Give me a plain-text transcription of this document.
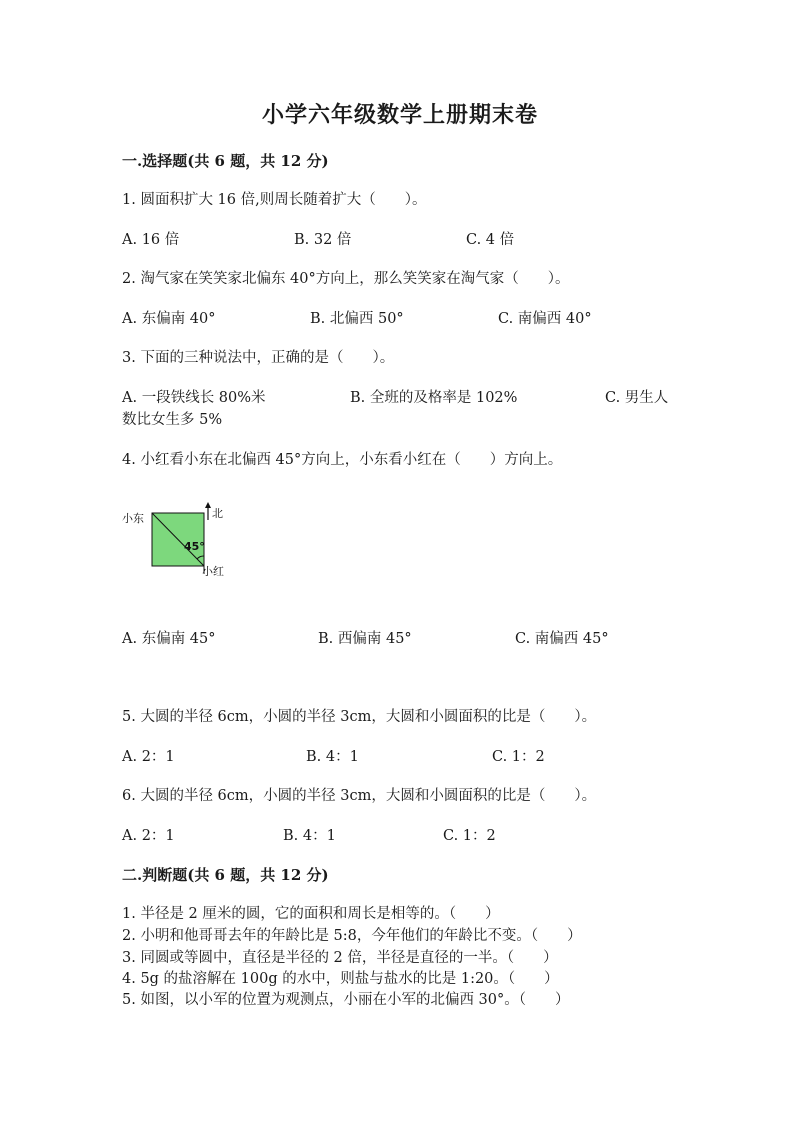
小学六年级数学上册期末卷
一.选择题(共 6 题，共 12 分)
1. 圆面积扩大 16 倍,则周长随着扩大（　　）。
A. 16 倍	B. 32 倍	C. 4 倍
2. 淘气家在笑笑家北偏东 40°方向上，那么笑笑家在淘气家（　　）。
A. 东偏南 40°	B. 北偏西 50°	C. 南偏西 40°
3. 下面的三种说法中，正确的是（　　）。
A. 一段铁线长 80%米	B. 全班的及格率是 102%	C. 男生人
数比女生多 5%
4. 小红看小东在北偏西 45°方向上，小东看小红在（　　）方向上。
北
小东
45°
小红
A. 东偏南 45°	B. 西偏南 45°	C. 南偏西 45°
5. 大圆的半径 6cm，小圆的半径 3cm，大圆和小圆面积的比是（　　）。
A. 2：1	B. 4：1	C. 1：2
6. 大圆的半径 6cm，小圆的半径 3cm，大圆和小圆面积的比是（　　）。
A. 2：1	B. 4：1	C. 1：2
二.判断题(共 6 题，共 12 分)
1. 半径是 2 厘米的圆，它的面积和周长是相等的。（　　）
2. 小明和他哥哥去年的年龄比是 5:8，今年他们的年龄比不变。（　　）
3. 同圆或等圆中，直径是半径的 2 倍，半径是直径的一半。（　　）
4. 5g 的盐溶解在 100g 的水中，则盐与盐水的比是 1:20。（　　）
5. 如图，以小军的位置为观测点，小丽在小军的北偏西 30°。（　　）
